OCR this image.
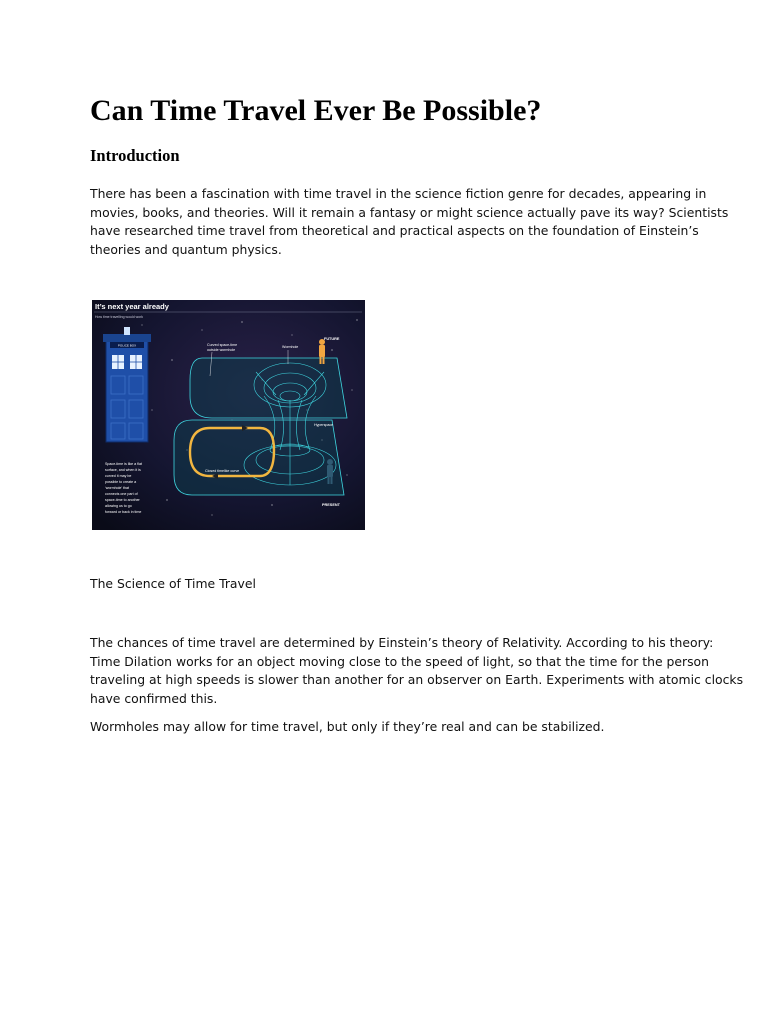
Can Time Travel Ever Be Possible?
Introduction

There has been a fascination with time travel in the science fiction genre for decades, appearing in
movies, books, and theories. Will it remain a fantasy or might science actually pave its way? Scientists
have researched time travel from theoretical and practical aspects on the foundation of Einstein’s
theories and quantum physics.

It’s next year already
How time travelling would work
POLICE BOX	Curved space-time
outside wormhole
Wormhole
FUTURE
Hyperspace
Closed timelike curve
PRESENT
Space-time is like a flat
surface, and when it is
curved it may be
possible to create a
‘wormhole’ that
connects one part of
space-time to another
allowing us to go
forward or back in time

The Science of Time Travel

The chances of time travel are determined by Einstein’s theory of Relativity. According to his theory:
Time Dilation works for an object moving close to the speed of light, so that the time for the person
traveling at high speeds is slower than another for an observer on Earth. Experiments with atomic clocks
have confirmed this.

Wormholes may allow for time travel, but only if they’re real and can be stabilized.
